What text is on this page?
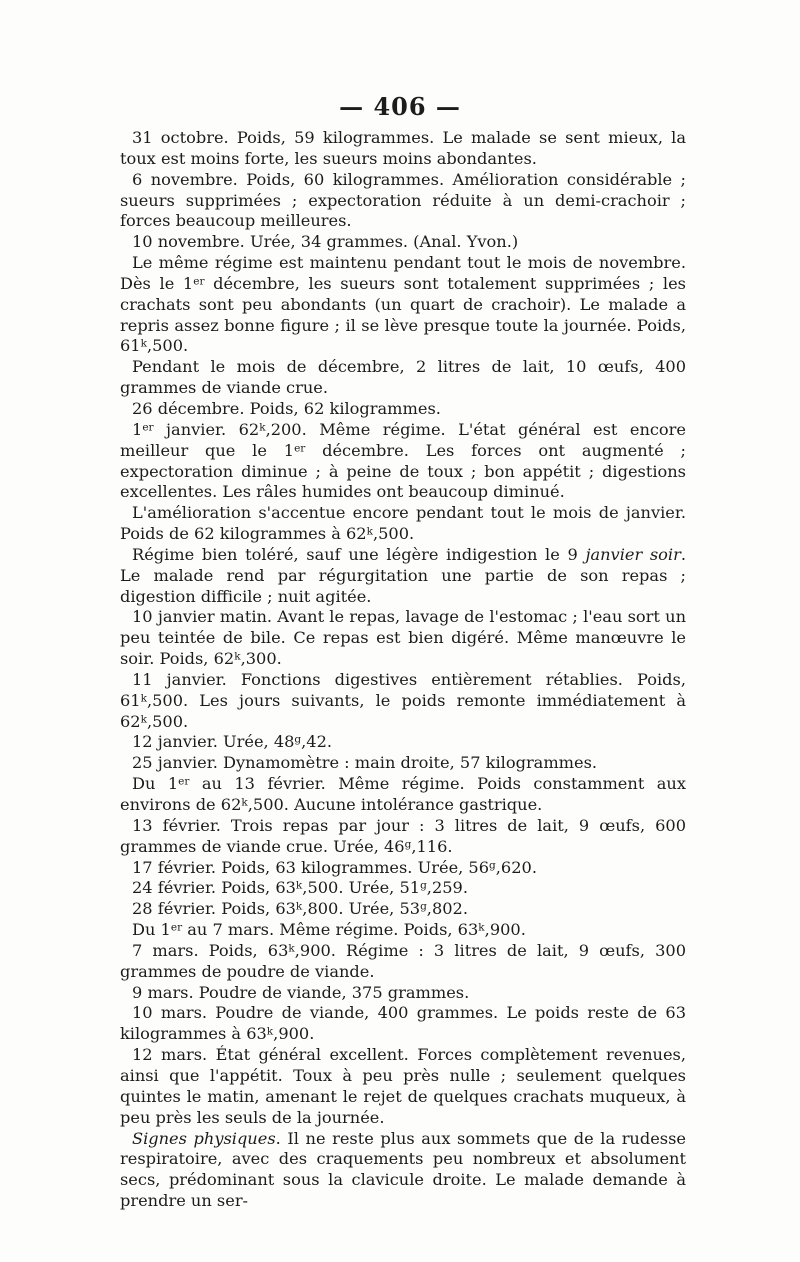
— 406 —

31 octobre. Poids, 59 kilogrammes. Le malade se sent mieux, la toux est moins forte, les sueurs moins abondantes.

6 novembre. Poids, 60 kilogrammes. Amélioration considérable ; sueurs supprimées ; expectoration réduite à un demi-crachoir ; forces beaucoup meilleures.

10 novembre. Urée, 34 grammes. (Anal. Yvon.)

Le même régime est maintenu pendant tout le mois de novembre. Dès le 1er décembre, les sueurs sont totalement supprimées ; les crachats sont peu abondants (un quart de crachoir). Le malade a repris assez bonne figure ; il se lève presque toute la journée. Poids, 61$^k$,500.

Pendant le mois de décembre, 2 litres de lait, 10 œufs, 400 grammes de viande crue.

26 décembre. Poids, 62 kilogrammes.

1er janvier. 62$^k$,200. Même régime. L'état général est encore meilleur que le 1er décembre. Les forces ont augmenté ; expectoration diminue ; à peine de toux ; bon appétit ; digestions excellentes. Les râles humides ont beaucoup diminué.

L'amélioration s'accentue encore pendant tout le mois de janvier. Poids de 62 kilogrammes à 62$^k$,500.

Régime bien toléré, sauf une légère indigestion le 9 janvier soir. Le malade rend par régurgitation une partie de son repas ; digestion difficile ; nuit agitée.

10 janvier matin. Avant le repas, lavage de l'estomac ; l'eau sort un peu teintée de bile. Ce repas est bien digéré. Même manœuvre le soir. Poids, 62$^k$,300.

11 janvier. Fonctions digestives entièrement rétablies. Poids, 61$^k$,500. Les jours suivants, le poids remonte immédiatement à 62$^k$,500.

12 janvier. Urée, 48$^g$,42.

25 janvier. Dynamomètre : main droite, 57 kilogrammes.

Du 1er au 13 février. Même régime. Poids constamment aux environs de 62$^k$,500. Aucune intolérance gastrique.

13 février. Trois repas par jour : 3 litres de lait, 9 œufs, 600 grammes de viande crue. Urée, 46$^g$,116.

17 février. Poids, 63 kilogrammes. Urée, 56$^g$,620.

24 février. Poids, 63$^k$,500. Urée, 51$^g$,259.

28 février. Poids, 63$^k$,800. Urée, 53$^g$,802.

Du 1er au 7 mars. Même régime. Poids, 63$^k$,900.

7 mars. Poids, 63$^k$,900. Régime : 3 litres de lait, 9 œufs, 300 grammes de poudre de viande.

9 mars. Poudre de viande, 375 grammes.

10 mars. Poudre de viande, 400 grammes. Le poids reste de 63 kilogrammes à 63$^k$,900.

12 mars. État général excellent. Forces complètement revenues, ainsi que l'appétit. Toux à peu près nulle ; seulement quelques quintes le matin, amenant le rejet de quelques crachats muqueux, à peu près les seuls de la journée.

Signes physiques. Il ne reste plus aux sommets que de la rudesse respiratoire, avec des craquements peu nombreux et absolument secs, prédominant sous la clavicule droite. Le malade demande à prendre un ser-
